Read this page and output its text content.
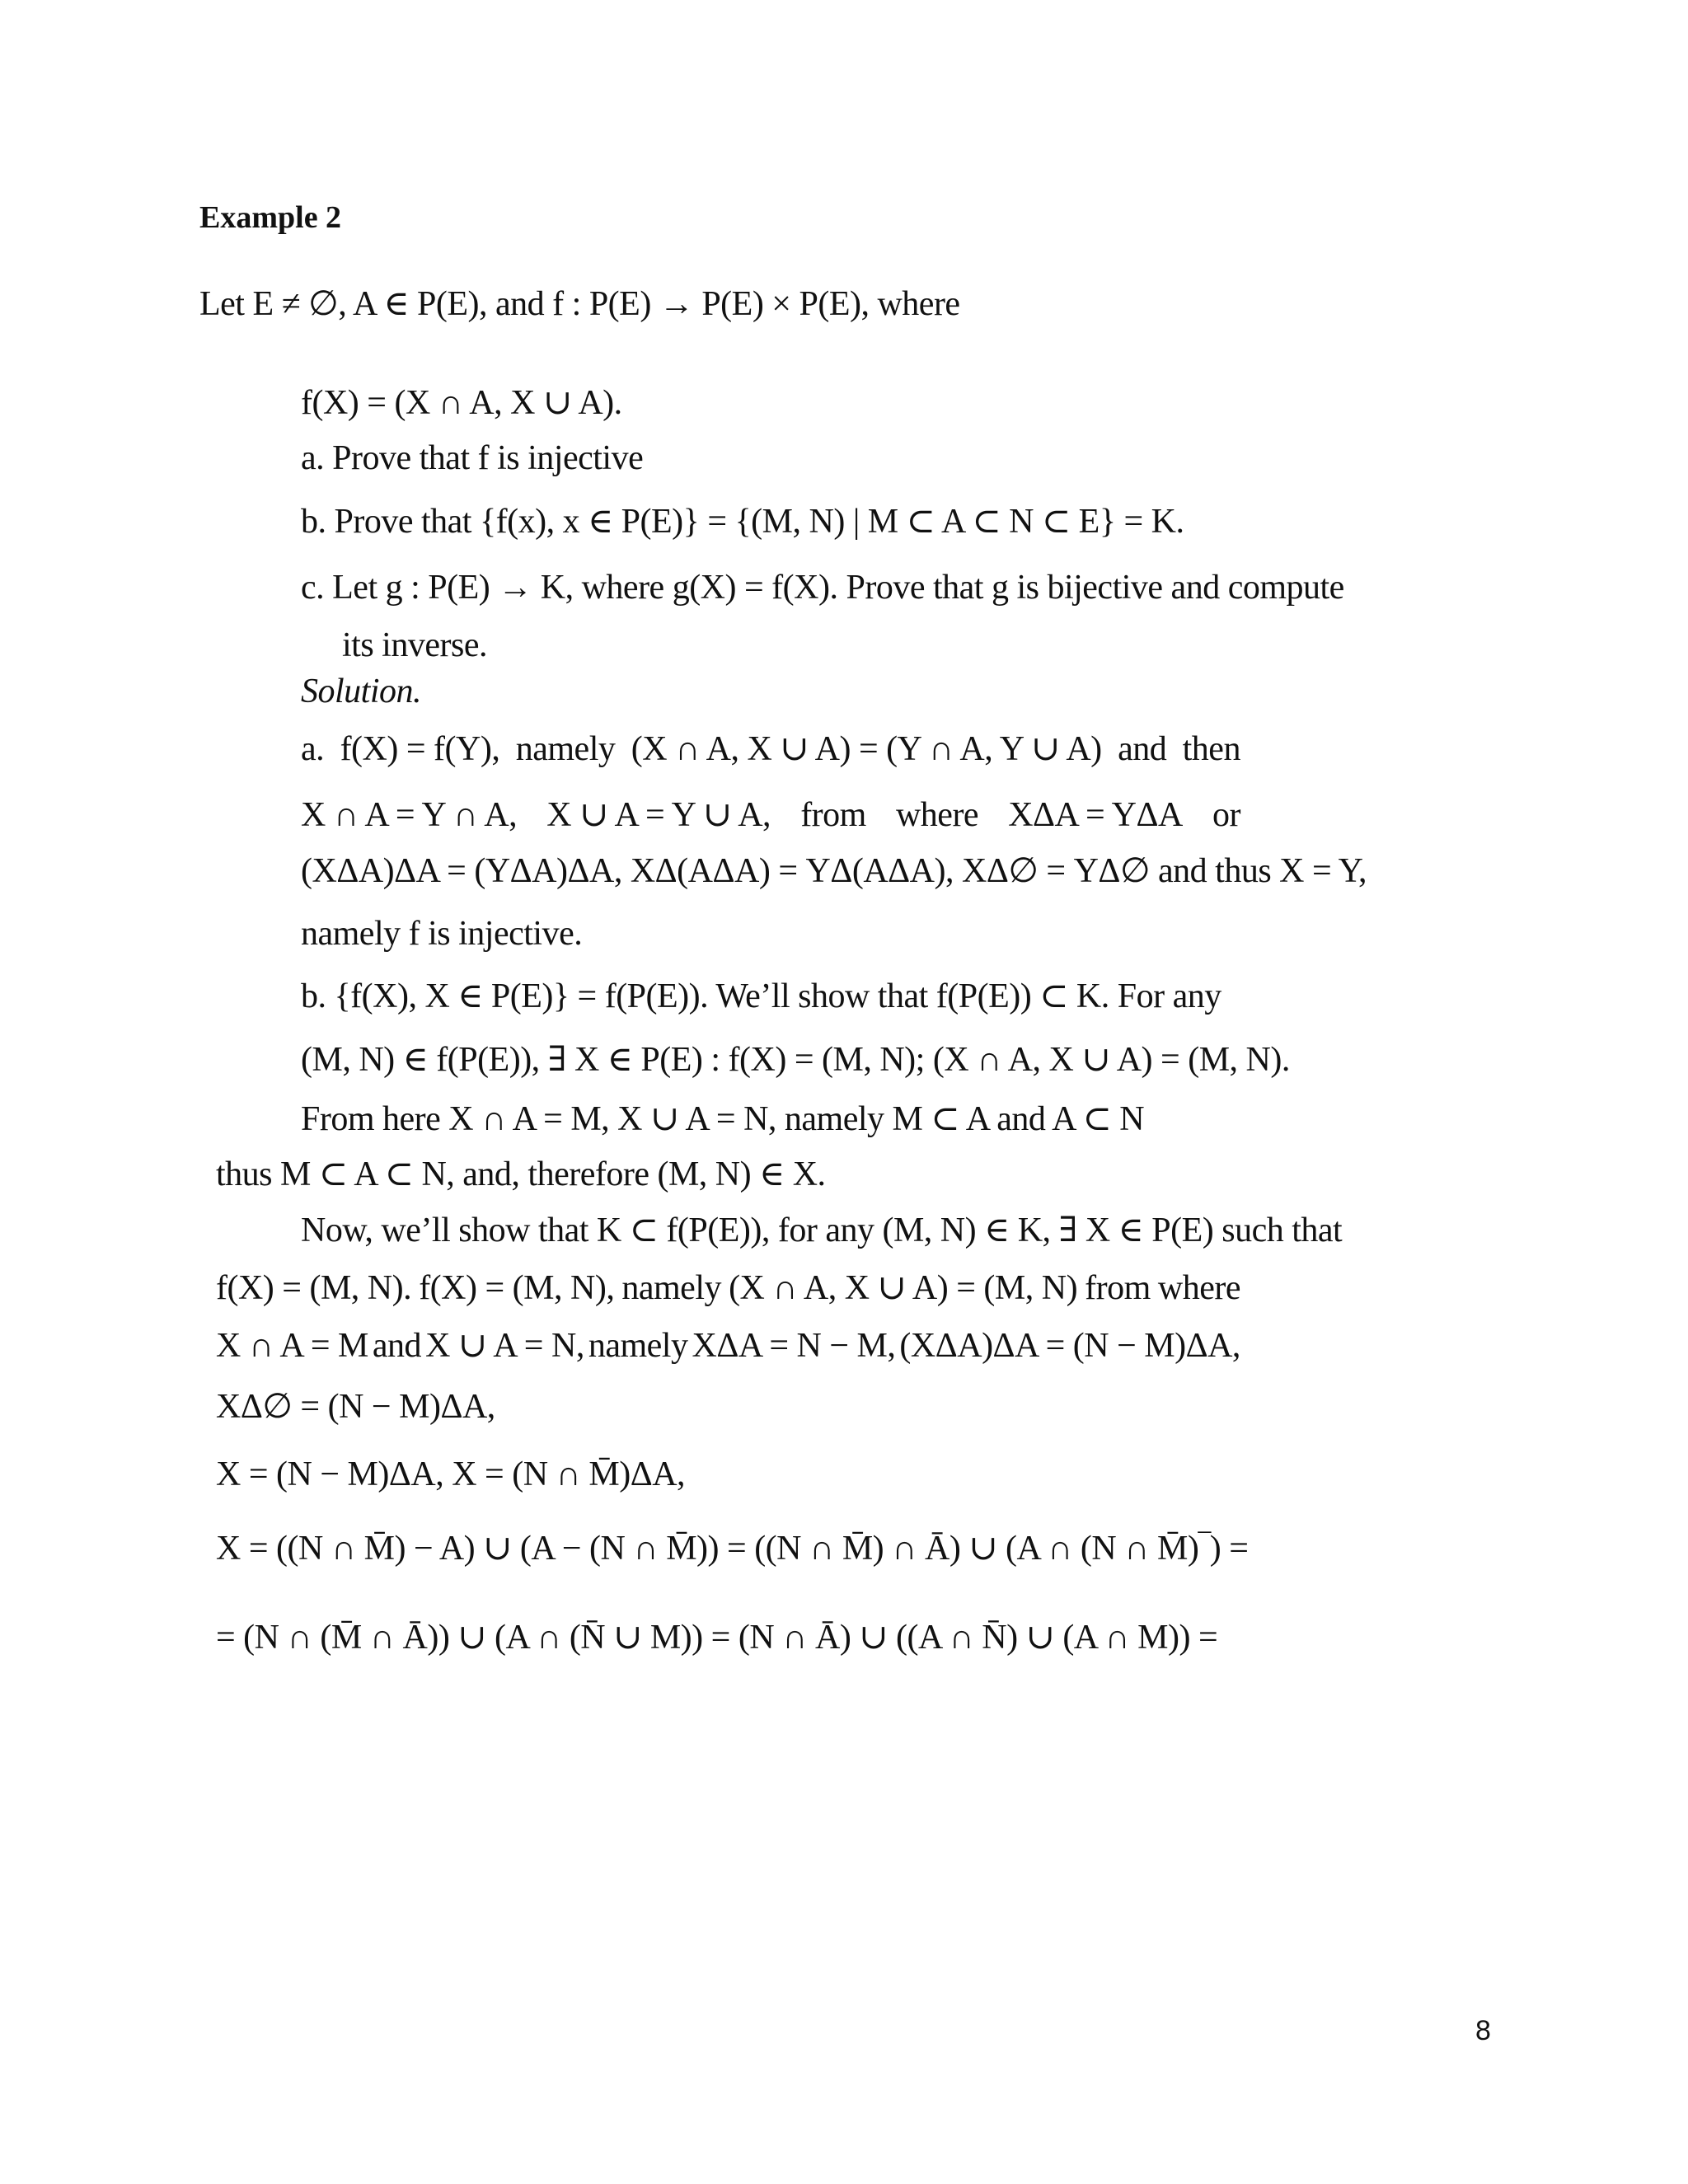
Example 2
Let E ≠ ∅, A ∈ P(E), and f : P(E) → P(E) × P(E), where
f(X) = (X ∩ A, X ∪ A).
a. Prove that f is injective
b. Prove that {f(x), x ∈ P(E)} = {(M, N) | M ⊂ A ⊂ N ⊂ E} = K.
c. Let g : P(E) → K, where g(X) = f(X). Prove that g is bijective and compute
its inverse.
Solution.
a. f(X) = f(Y), namely (X ∩ A, X ∪ A) = (Y ∩ A, Y ∪ A) and then
X ∩ A = Y ∩ A, X ∪ A = Y ∪ A, from where XΔA = YΔA or
(XΔA)ΔA = (YΔA)ΔA, XΔ(AΔA) = YΔ(AΔA), XΔ∅ = YΔ∅ and thus X = Y,
namely f is injective.
b. {f(X), X ∈ P(E)} = f(P(E)). We’ll show that f(P(E)) ⊂ K. For any
(M, N) ∈ f(P(E)), ∃ X ∈ P(E) : f(X) = (M, N); (X ∩ A, X ∪ A) = (M, N).
From here X ∩ A = M, X ∪ A = N, namely M ⊂ A and A ⊂ N
thus M ⊂ A ⊂ N, and, therefore (M, N) ∈ X.
Now, we’ll show that K ⊂ f(P(E)), for any (M, N) ∈ K, ∃ X ∈ P(E) such that
f(X) = (M, N). f(X) = (M, N), namely (X ∩ A, X ∪ A) = (M, N) from where
X ∩ A = M and X ∪ A = N, namely XΔA = N − M, (XΔA)ΔA = (N − M)ΔA,
XΔ∅ = (N − M)ΔA,
X = (N − M)ΔA, X = (N ∩ M̄)ΔA,
X = ((N ∩ M̄) − A) ∪ (A − (N ∩ M̄)) = ((N ∩ M̄) ∩ Ā) ∪ (A ∩ (N ∩ M̄)‾) =
= (N ∩ (M̄ ∩ Ā)) ∪ (A ∩ (N̄ ∪ M)) = (N ∩ Ā) ∪ ((A ∩ N̄) ∪ (A ∩ M)) =
8
